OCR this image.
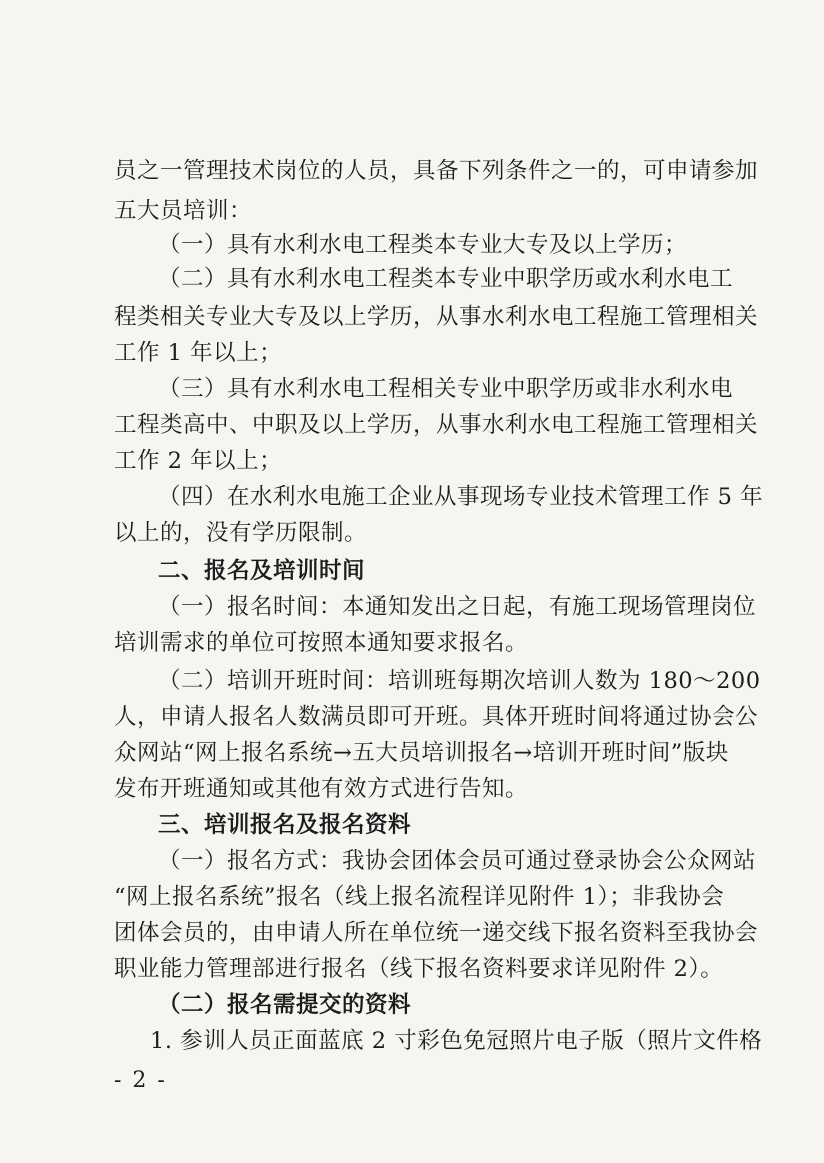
员之一管理技术岗位的人员，具备下列条件之一的，可申请参加
五大员培训：
（一）具有水利水电工程类本专业大专及以上学历；
（二）具有水利水电工程类本专业中职学历或水利水电工
程类相关专业大专及以上学历，从事水利水电工程施工管理相关
工作 1 年以上；
（三）具有水利水电工程相关专业中职学历或非水利水电
工程类高中、中职及以上学历，从事水利水电工程施工管理相关
工作 2 年以上；
（四）在水利水电施工企业从事现场专业技术管理工作 5 年
以上的，没有学历限制。
二、报名及培训时间
（一）报名时间：本通知发出之日起，有施工现场管理岗位
培训需求的单位可按照本通知要求报名。
（二）培训开班时间：培训班每期次培训人数为 180～200
人，申请人报名人数满员即可开班。具体开班时间将通过协会公
众网站“网上报名系统→五大员培训报名→培训开班时间”版块
发布开班通知或其他有效方式进行告知。
三、培训报名及报名资料
（一）报名方式：我协会团体会员可通过登录协会公众网站
“网上报名系统”报名（线上报名流程详见附件 1）；非我协会
团体会员的，由申请人所在单位统一递交线下报名资料至我协会
职业能力管理部进行报名（线下报名资料要求详见附件 2）。
（二）报名需提交的资料
1. 参训人员正面蓝底 2 寸彩色免冠照片电子版（照片文件格
- 2 -
